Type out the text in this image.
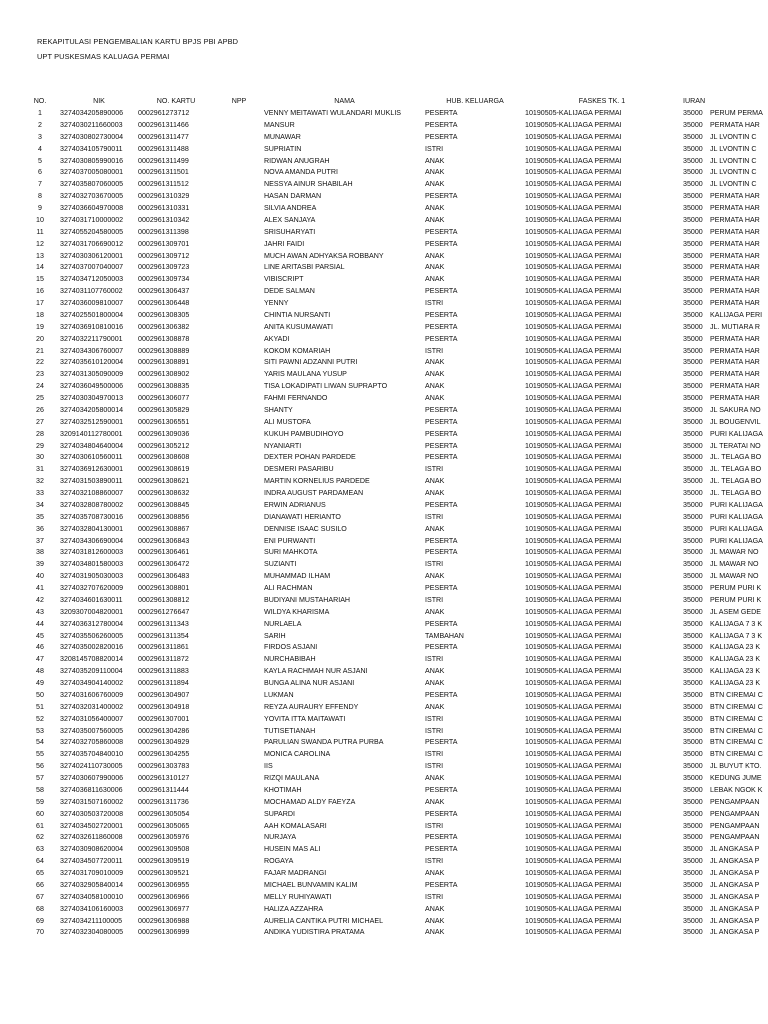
REKAPITULASI PENGEMBALIAN KARTU BPJS PBI APBD
UPT PUSKESMAS KALUAGA PERMAI
NO.	NIK	NO. KARTU	NPP	NAMA	HUB. KELUARGA	FASKES TK. 1	IURAN
1	3274034205890006	0002961273712		VENNY MEITAWATI WULANDARI MUKLIS	PESERTA	10190505-KALIJAGA PERMAI	35000 PERUM PERMA
2	3274030211660003	0002961311466		MANSUR	PESERTA	10190505-KALIJAGA PERMAI	35000 PERMATA HAR
3	3274030802730004	0002961311477		MUNAWAR	PESERTA	10190505-KALIJAGA PERMAI	35000 JL LVONTIN C
4	3274034105790011	0002961311488		SUPRIATIN	ISTRI	10190505-KALIJAGA PERMAI	35000 JL LVONTIN C
5	3274030805990016	0002961311499		RIDWAN ANUGRAH	ANAK	10190505-KALIJAGA PERMAI	35000 JL LVONTIN C
6	3274037005080001	0002961311501		NOVA AMANDA PUTRI	ANAK	10190505-KALIJAGA PERMAI	35000 JL LVONTIN C
7	3274035807060005	0002961311512		NESSYA AINUR SHABILAH	ANAK	10190505-KALIJAGA PERMAI	35000 JL LVONTIN C
8	3274032703670005	0002961310329		HASAN DARMAN	PESERTA	10190505-KALIJAGA PERMAI	35000 PERMATA HAR
9	3274036604970008	0002961310331		SILVIA ANDREA	ANAK	10190505-KALIJAGA PERMAI	35000 PERMATA HAR
10	3274031710000002	0002961310342		ALEX SANJAYA	ANAK	10190505-KALIJAGA PERMAI	35000 PERMATA HAR
11	3274055204580005	0002961311398		SRISUHARYATI	PESERTA	10190505-KALIJAGA PERMAI	35000 PERMATA HAR
12	3274031706690012	0002961309701		JAHRI FAIDI	PESERTA	10190505-KALIJAGA PERMAI	35000 PERMATA HAR
13	3274030306120001	0002961309712		MUCH AWAN ADHYAKSA ROBBANY	ANAK	10190505-KALIJAGA PERMAI	35000 PERMATA HAR
14	3274037007040007	0002961309723		LINE ARITASBI PARSIAL	ANAK	10190505-KALIJAGA PERMAI	35000 PERMATA HAR
15	3274034712050003	0002961309734		VIBISCRIPT	ANAK	10190505-KALIJAGA PERMAI	35000 PERMATA HAR
16	3274031107760002	0002961306437		DEDE SALMAN	PESERTA	10190505-KALIJAGA PERMAI	35000 PERMATA HAR
17	3274036009810007	0002961306448		YENNY	ISTRI	10190505-KALIJAGA PERMAI	35000 PERMATA HAR
18	3274025501800004	0002961308305		CHINTIA NURSANTI	PESERTA	10190505-KALIJAGA PERMAI	35000 KALIJAGA PERI
19	3274036910810016	0002961306382		ANITA KUSUMAWATI	PESERTA	10190505-KALIJAGA PERMAI	35000 JL. MUTIARA R
20	3274032211790001	0002961308878		AKYADI	PESERTA	10190505-KALIJAGA PERMAI	35000 PERMATA HAR
21	3274034306760007	0002961308889		KOKOM KOMARIAH	ISTRI	10190505-KALIJAGA PERMAI	35000 PERMATA HAR
22	3274035610120004	0002961308891		SITI PAWNI ADZANNI PUTRI	ANAK	10190505-KALIJAGA PERMAI	35000 PERMATA HAR
23	3274031305090009	0002961308902		YARIS MAULANA YUSUP	ANAK	10190505-KALIJAGA PERMAI	35000 PERMATA HAR
24	3274036049500006	0002961308835		TISA LOKADIPATI LIWAN SUPRAPTO	ANAK	10190505-KALIJAGA PERMAI	35000 PERMATA HAR
25	3274030304970013	0002961306077		FAHMI FERNANDO	ANAK	10190505-KALIJAGA PERMAI	35000 PERMATA HAR
26	3274034205800014	0002961305829		SHANTY	PESERTA	10190505-KALIJAGA PERMAI	35000 JL SAKURA NO
27	3274032512590001	0002961306551		ALI MUSTOFA	PESERTA	10190505-KALIJAGA PERMAI	35000 JL BOUGENVIL
28	3209140112780001	0002961309036		KUKUH PAMBUDIHOYO	PESERTA	10190505-KALIJAGA PERMAI	35000 PURI KALIJAGA
29	3274034804640004	0002961305212		NYANIARTI	PESERTA	10190505-KALIJAGA PERMAI	35000 JL TERATAI NO
30	3274030610560011	0002961308608		DEXTER POHAN PARDEDE	PESERTA	10190505-KALIJAGA PERMAI	35000 JL. TELAGA BO
31	3274036912630001	0002961308619		DESMERI PASARIBU	ISTRI	10190505-KALIJAGA PERMAI	35000 JL. TELAGA BO
32	3274031503890011	0002961308621		MARTIN KORNELIUS PARDEDE	ANAK	10190505-KALIJAGA PERMAI	35000 JL. TELAGA BO
33	3274032108860007	0002961308632		INDRA AUGUST PARDAMEAN	ANAK	10190505-KALIJAGA PERMAI	35000 JL. TELAGA BO
34	3274032808780002	0002961308845		ERWIN ADRIANUS	PESERTA	10190505-KALIJAGA PERMAI	35000 PURI KALIJAGA
35	3274035708730016	0002961308856		DIANAWATI HERIANTO	ISTRI	10190505-KALIJAGA PERMAI	35000 PURI KALIJAGA
36	3274032804130001	0002961308867		DENNISE ISAAC SUSILO	ANAK	10190505-KALIJAGA PERMAI	35000 PURI KALIJAGA
37	3274034306690004	0002961306843		ENI PURWANTI	PESERTA	10190505-KALIJAGA PERMAI	35000 PURI KALIJAGA
38	3274031812600003	0002961306461		SURI MAHKOTA	PESERTA	10190505-KALIJAGA PERMAI	35000 JL MAWAR NO
39	3274034801580003	0002961306472		SUZIANTI	ISTRI	10190505-KALIJAGA PERMAI	35000 JL MAWAR NO
40	3274031905030003	0002961306483		MUHAMMAD ILHAM	ANAK	10190505-KALIJAGA PERMAI	35000 JL MAWAR NO
41	3274032707620009	0002961308801		ALI RACHMAN	PESERTA	10190505-KALIJAGA PERMAI	35000 PERUM PURI K
42	3274034601630011	0002961308812		BUDIYANI MUSTAHARIAH	ISTRI	10190505-KALIJAGA PERMAI	35000 PERUM PURI K
43	3209307004820001	0002961276647		WILDYA KHARISMA	ANAK	10190505-KALIJAGA PERMAI	35000 JL ASEM GEDE
44	3274036312780004	0002961311343		NURLAELA	PESERTA	10190505-KALIJAGA PERMAI	35000 KALIJAGA 7 3 K
45	3274035506260005	0002961311354		SARIH	TAMBAHAN	10190505-KALIJAGA PERMAI	35000 KALIJAGA 7 3 K
46	3274035002820016	0002961311861		FIRDOS ASJANI	PESERTA	10190505-KALIJAGA PERMAI	35000 KALIJAGA 23 K
47	3208145708820014	0002961311872		NURCHABIBAH	ISTRI	10190505-KALIJAGA PERMAI	35000 KALIJAGA 23 K
48	3274035209110004	0002961311883		KAYLA RACHMAH NUR ASJANI	ANAK	10190505-KALIJAGA PERMAI	35000 KALIJAGA 23 K
49	3274034904140002	0002961311894		BUNGA ALINA NUR ASJANI	ANAK	10190505-KALIJAGA PERMAI	35000 KALIJAGA 23 K
50	3274031606760009	0002961304907		LUKMAN	PESERTA	10190505-KALIJAGA PERMAI	35000 BTN CIREMAI C
51	3274032031400002	0002961304918		REYZA AURAURY EFFENDY	ANAK	10190505-KALIJAGA PERMAI	35000 BTN CIREMAI C
52	3274031056400007	0002961307001		YOVITA ITTA MAITAWATI	ISTRI	10190505-KALIJAGA PERMAI	35000 BTN CIREMAI C
53	3274035007560005	0002961304286		TUTISETIANAH	ISTRI	10190505-KALIJAGA PERMAI	35000 BTN CIREMAI C
54	3274032705860008	0002961304929		PARULIAN SWANDA PUTRA PURBA	PESERTA	10190505-KALIJAGA PERMAI	35000 BTN CIREMAI C
55	3274035704840010	0002961304255		MONICA CAROLINA	ISTRI	10190505-KALIJAGA PERMAI	35000 BTN CIREMAI C
56	3274024110730005	0002961303783		IIS	ISTRI	10190505-KALIJAGA PERMAI	35000 JL BUYUT KTO.
57	3274030607990006	0002961310127		RIZQI MAULANA	ANAK	10190505-KALIJAGA PERMAI	35000 KEDUNG JUME
58	3274036811630006	0002961311444		KHOTIMAH	PESERTA	10190505-KALIJAGA PERMAI	35000 LEBAK NGOK K
59	3274031507160002	0002961311736		MOCHAMAD ALDY FAEYZA	ANAK	10190505-KALIJAGA PERMAI	35000 PENGAMPAAN
60	3274030503720008	0002961305054		SUPARDI	PESERTA	10190505-KALIJAGA PERMAI	35000 PENGAMPAAN
61	3274034502720001	0002961305065		AAH KOMALASARI	ISTRI	10190505-KALIJAGA PERMAI	35000 PENGAMPAAN
62	3274032611860008	0002961305976		NURJAYA	PESERTA	10190505-KALIJAGA PERMAI	35000 PENGAMPAAN
63	3274030908620004	0002961309508		HUSEIN MAS ALI	PESERTA	10190505-KALIJAGA PERMAI	35000 JL ANGKASA P
64	3274034507720011	0002961309519		ROGAYA	ISTRI	10190505-KALIJAGA PERMAI	35000 JL ANGKASA P
65	3274031709010009	0002961309521		FAJAR MADRANGI	ANAK	10190505-KALIJAGA PERMAI	35000 JL ANGKASA P
66	3274032905840014	0002961306955		MICHAEL BUNVAMIN KALIM	PESERTA	10190505-KALIJAGA PERMAI	35000 JL ANGKASA P
67	3274034058100010	0002961306966		MELLY RUHIYAWATI	ISTRI	10190505-KALIJAGA PERMAI	35000 JL ANGKASA P
68	3274034106160003	0002961306977		HALIZA AZZAHRA	ANAK	10190505-KALIJAGA PERMAI	35000 JL ANGKASA P
69	3274034211100005	0002961306988		AURELIA CANTIKA PUTRI MICHAEL	ANAK	10190505-KALIJAGA PERMAI	35000 JL ANGKASA P
70	3274032304080005	0002961306999		ANDIKA YUDISTIRA PRATAMA	ANAK	10190505-KALIJAGA PERMAI	35000 JL ANGKASA P
